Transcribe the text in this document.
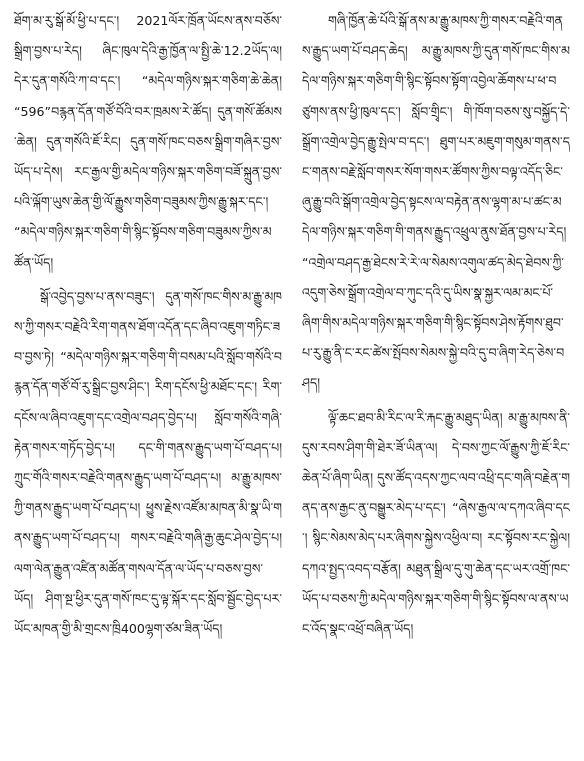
ཐོག་མ་རུ་སྒོ་མོ་ཕྱི་པ་དང་། 2021ལོར་ཁྲོན་ཡོངས་ནས་བཅོས་སྒྲིག་བྱས་པ་རེད། ཞིང་ཁུལ་དེའི་རྒྱ་ཁྱོན་ལ་སྤྱི་ཆེ་12.2ཡོད་ལ། དེར་དུན་གསོའི་ཀ་བ་དང་། “མདེལ་གཉིས་སྐར་གཅིག་ཆེ་ཆེན། “596”བརྙན་དོན་གཙོ་བོའི་བར་ཁྲམས་རེ་ཚོད། དུན་གསོ་ཚོམས་ཆེན། དུན་གསོའི་ཇོ་རིང། དུན་གསོ་ཁང་བཅས་སྒྲིག་གཞིར་བྱས་ཡོད་པ་དེས། རང་རྒྱལ་གྱི་མདེལ་གཉིས་སྐར་གཅིག་བཟོ་སྐྲུན་བྱས་པའི་ལྐོག་ཡུས་ཆེན་གྱི་ལོ་རྒྱུས་གཅིག་བཟུམས་ཀྱིས་རྒྱུ་སྐར་དང་། “མདེལ་གཉིས་སྐར་གཅིག་གི་སྙིང་སྟོབས་གཅིག་བཟུམས་ཀྱིས་མཚོན་ཡོད།

སྒོ་འབྱེད་བྱས་པ་ནས་བཟུང་། དུན་གསོ་ཁང་གིས་མ་རྒྱུ་མཁས་ཀྱི་གསར་བརྗེའི་རིག་གནས་ཐོག་འདོན་དང་ཞིབ་འཇུག་གཏིང་ཟབ་བྱས་ཏེ། “མདེལ་གཉིས་སྐར་གཅིག་གི་བསམ་པའི་སློབ་གསོའི་བརྙན་དོན་གཙོ་བོ་རུ་སྒྲིང་བྱས་ཤིང་། རིག་དངོས་ཕྱི་མཐོང་དང་། རིག་དངོས་ལ་ཞིབ་འཇུག་དང་འགྲེལ་བཤད་བྱེད་པ། སློབ་གསོའི་གཞི་རྟེན་གསར་གཏོད་བྱེད་པ། དང་གི་གནས་རྒྱུད་ཡག་པོ་བཤད་པ། ཀྲུང་གོའི་གསར་བརྗེའི་གནས་རྒྱུད་ཡག་པོ་བཤད་པ། མ་རྒྱུ་མཁས་ཀྱི་གནས་རྒྱུད་ཡག་པོ་བཤད་པ། ཕྱུས་རྗེས་འཛོམ་མཁན་མི་སྣ་ཡི་གནས་རྒྱུད་ཡག་པོ་བཤད་པ། གསར་བརྗེའི་གཞི་རྒྱ་ཆུང་ཤེལ་བྱེད་པ། ལག་ལེན་རྒྱུན་འཛིན་མཚོན་གསལ་དོན་ལ་ཡོད་པ་བཅས་བྱས་ཡོད། ཤིག་སྔ་ཕྱིར་དུན་གསོ་ཁང་དུ་ལྟ་སྐོར་དང་སློབ་སྦྱོང་བྱེད་པར་ཡོང་མཁན་གྱི་མི་གྲངས་ཁྲི400ལྷག་ཙམ་ཟིན་ཡོད།

གཞི་ཁྱོན་ཆེ་པོའི་སྒོ་ནས་མ་རྒྱུ་མཁས་ཀྱི་གསར་བརྗེའི་གནས་རྒྱུད་ཡག་པོ་བཤད་ཆེད། མ་རྒྱུ་མཁས་ཀྱི་དུན་གསོ་ཁང་གིས་མདེལ་གཉིས་སྐར་གཅིག་གི་སྙིང་སྟོབས་སྟོག་འབྱེལ་ཆོགས་པ་ཕ་བཙུགས་ནས་ཕྱི་ཁུལ་དང་། སློབ་གྲྭིང་། གི་ཁོག་བཅས་སུ་བསྐྱོད་དེ་སྒྲོག་འགྲེལ་བྱེད་རྒྱུ་སྤེལ་བ་དང་། ཐུག་པར་མཇུག་གསུམ་གནས་དང་གནས་བརྗེ་སློབ་གསར་སོག་གསར་ཚོགས་ཀྱིས་བལྟ་འདོད་ཅིང་ཞུ་རྒྱུ་བའི་སྒོག་འགྲེལ་བྱེད་སྟངས་ལ་བརྟེན་ནས་ལྷག་མ་པ་ཚང་མདེལ་གཉིས་སྐར་གཅིག་གི་གནས་རྒྱུད་འཕྲུལ་ནུས་ཐོན་བྱས་པ་རེད། “འགྲེལ་བཤད་རྒྱ་ཐེངས་རེ་རེ་ལ་སེམས་འགུལ་ཚད་མེད་ཐེབས་ཀྱི་འདུག་ཅེས་སྒྲོག་འགྲེལ་བ་ཀུང་དའི་དུ་ཡིས་སྣ་སྐྱར་ལམ་མང་པོ་ཞིག་གིས་མདེལ་གཉིས་སྐར་གཅིག་གི་སྙིང་སྟོབས་ཤེས་རྟོགས་ཐུབ་པ་རུ་རྒྱུ་ནི་ང་རང་ཚེས་སྤོབས་སེམས་སྐྱེ་བའི་དུ་བ་ཞིག་རེད་ཅེས་བཤད།

ལྟོ་ཆང་ཐབ་མི་རིང་ལ་རི་རྐང་རྒྱུ་མཐུད་ཡིན། མ་རྒྱུ་མཁས་ནི་དུས་རབས་ཤིག་གི་ཐེར་ཟོ་ཡིན་ལ། དེ་བས་ཀྱང་ལོ་རྒྱུས་ཀྱི་ཇོ་རིང་ཆེན་པོ་ཞིག་ཡིན། དུས་ཚོད་འདས་ཀྱང་ལབ་འཕྲི་དང་གཞི་བརྗེན་གནད་ནས་རྒྱང་ནུ་བསྒྱུར་མེད་པ་དང་། “ཞེས་རྒྱལ་ལ་དཀའ་ཞིབ་དང་། སྙིང་སེམས་མེད་པར་ཞིགས་སྐྱེས་འཕྱིལ་བ། རང་སྟོབས་རང་སྐྱེལ། དཀའ་སྤྱད་འབད་བརྩོན། མཐུན་སྒྲིལ་དུ་གུ་ཆེན་དང་ཡར་འགྲོ་ཁང་ཡོད་པ་བཅས་ཀྱི་མདེལ་གཉིས་སྐར་གཅིག་གི་སྙིང་སྟོབས་ལ་ནས་ཡང་འོད་སྣང་འཕྲོ་བཞིན་ཡོད།
